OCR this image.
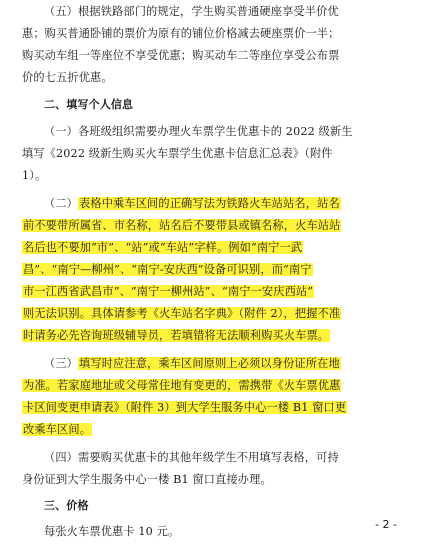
（五）根据铁路部门的规定，学生购买普通硬座享受半价优
惠；购买普通卧铺的票价为原有的铺位价格减去硬座票价一半；
购买动车组一等座位不享受优惠；购买动车二等座位享受公布票
价的七五折优惠。
二、填写个人信息
（一）各班级组织需要办理火车票学生优惠卡的 2022 级新生
填写《2022 级新生购买火车票学生优惠卡信息汇总表》（附件
1）。
（二）表格中乘车区间的正确写法为铁路火车站站名，站名
前不要带所属省、市名称，站名后不要带县或镇名称，火车站站
名后也不要加“市”、“站”或“车站”字样。例如“南宁一武
昌”、“南宁—柳州”、“南宁-安庆西”设备可识别，而“南宁
市一江西省武昌市”、“南宁一柳州站”、“南宁一安庆西站”
则无法识别。具体请参考《火车站名字典》（附件 2），把握不准
时请务必先咨询班级辅导员，若填错将无法顺利购买火车票。
（三）填写时应注意，乘车区间原则上必须以身份证所在地
为准。若家庭地址或父母常住地有变更的，需携带《火车票优惠
卡区间变更申请表》（附件 3）到大学生服务中心一楼 B1 窗口更
改乘车区间。
（四）需要购买优惠卡的其他年级学生不用填写表格，可持
身份证到大学生服务中心一楼 B1 窗口直接办理。
三、价格
每张火车票优惠卡 10 元。
- 2 -
